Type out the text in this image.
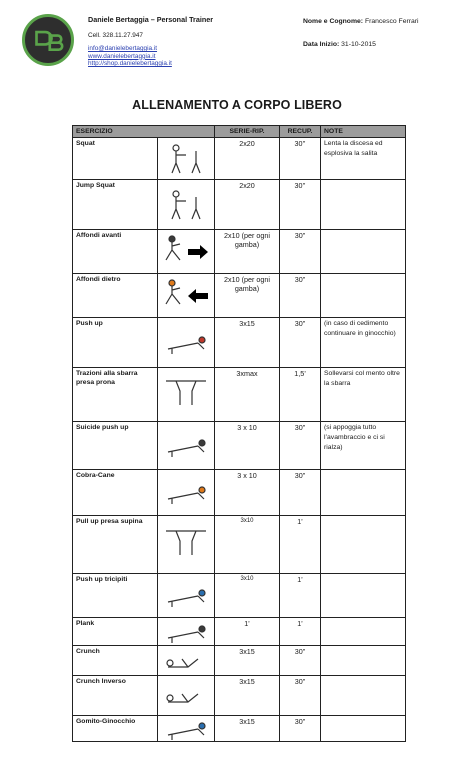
Daniele Bertaggia – Personal Trainer
Cell. 328.11.27.947
info@danielebertaggia.it
www.danielebertaggia.it
http://shop.danielebertaggia.it
Nome e Cognome: Francesco Ferrari
Data Inizio: 31-10-2015
ALLENAMENTO A CORPO LIBERO
ESERCIZIO		SERIE-RIP.	RECUP.	NOTE
Squat		2x20	30’’	Lenta la discesa ed esplosiva la salita
Jump Squat		2x20	30’’	
Affondi avanti		2x10 (per ogni gamba)	30”	
Affondi dietro		2x10 (per ogni gamba)	30”	
Push up		3x15	30”	(in caso di cedimento continuare in ginocchio)
Trazioni alla sbarra presa prona		3xmax	1,5’	Sollevarsi col mento oltre la sbarra
Suicide push up		3 x 10	30”	(si appoggia tutto l’avambraccio e ci si rialza)
Cobra-Cane		3 x 10	30”	
Pull up presa supina		3x10	1’	
Push up tricipiti		3x10	1’	
Plank		1’	1’	
Crunch		3x15	30”	
Crunch Inverso		3x15	30”	
Gomito-Ginocchio		3x15	30”	
